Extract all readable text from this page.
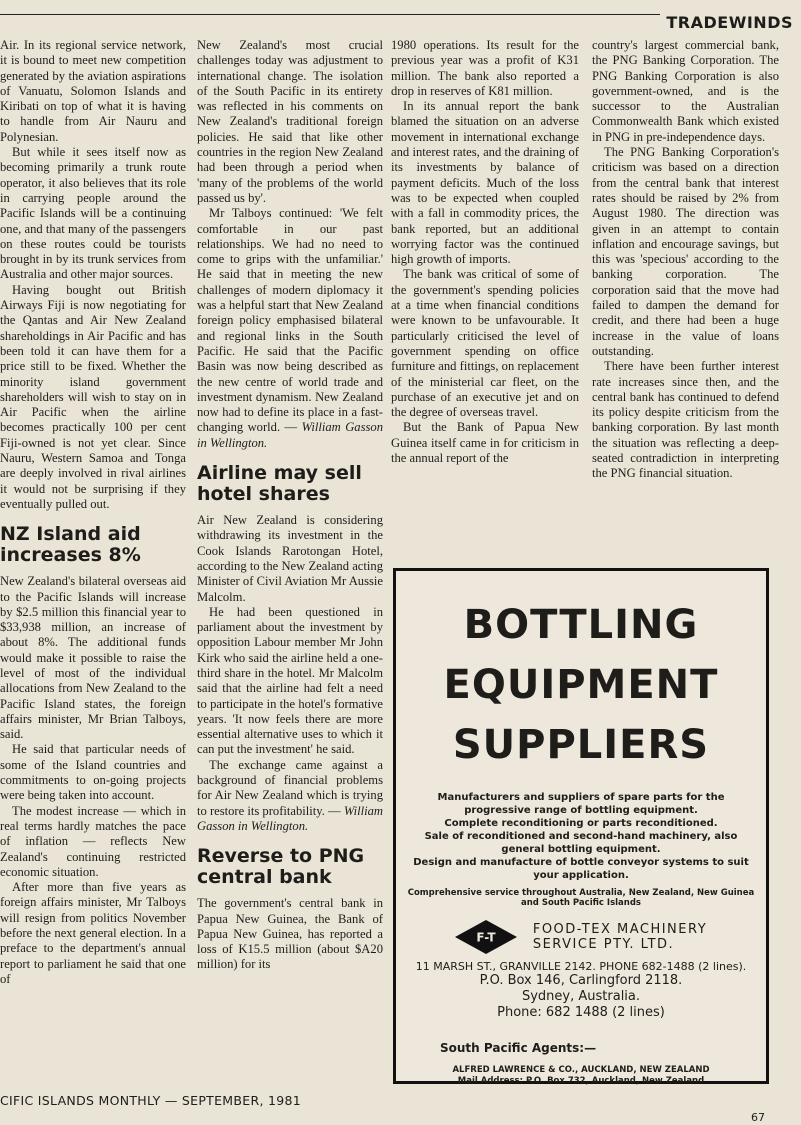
TRADEWINDS

Air. In its regional service network, it is bound to meet new competition generated by the aviation aspirations of Vanuatu, Solomon Islands and Kiribati on top of what it is having to handle from Air Nauru and Polynesian.

But while it sees itself now as becoming primarily a trunk route operator, it also believes that its role in carrying people around the Pacific Islands will be a continuing one, and that many of the passengers on these routes could be tourists brought in by its trunk services from Australia and other major sources.

Having bought out British Airways Fiji is now negotiating for the Qantas and Air New Zealand shareholdings in Air Pacific and has been told it can have them for a price still to be fixed. Whether the minority island government shareholders will wish to stay on in Air Pacific when the airline becomes practically 100 per cent Fiji-owned is not yet clear. Since Nauru, Western Samoa and Tonga are deeply involved in rival airlines it would not be surprising if they eventually pulled out.

NZ Island aid increases 8%

New Zealand's bilateral overseas aid to the Pacific Islands will increase by $2.5 million this financial year to $33,938 million, an increase of about 8%. The additional funds would make it possible to raise the level of most of the individual allocations from New Zealand to the Pacific Island states, the foreign affairs minister, Mr Brian Talboys, said.

He said that particular needs of some of the Island countries and commitments to on-going projects were being taken into account.

The modest increase — which in real terms hardly matches the pace of inflation — reflects New Zealand's continuing restricted economic situation.

After more than five years as foreign affairs minister, Mr Talboys will resign from politics November before the next general election. In a preface to the department's annual report to parliament he said that one of

New Zealand's most crucial challenges today was adjustment to international change. The isolation of the South Pacific in its entirety was reflected in his comments on New Zealand's traditional foreign policies. He said that like other countries in the region New Zealand had been through a period when 'many of the problems of the world passed us by'.

Mr Talboys continued: 'We felt comfortable in our past relationships. We had no need to come to grips with the unfamiliar.' He said that in meeting the new challenges of modern diplomacy it was a helpful start that New Zealand foreign policy emphasised bilateral and regional links in the South Pacific. He said that the Pacific Basin was now being described as the new centre of world trade and investment dynamism. New Zealand now had to define its place in a fast-changing world. — William Gasson in Wellington.

Airline may sell hotel shares

Air New Zealand is considering withdrawing its investment in the Cook Islands Rarotongan Hotel, according to the New Zealand acting Minister of Civil Aviation Mr Aussie Malcolm.

He had been questioned in parliament about the investment by opposition Labour member Mr John Kirk who said the airline held a one-third share in the hotel. Mr Malcolm said that the airline had felt a need to participate in the hotel's formative years. 'It now feels there are more essential alternative uses to which it can put the investment' he said.

The exchange came against a background of financial problems for Air New Zealand which is trying to restore its profitability. — William Gasson in Wellington.

Reverse to PNG central bank

The government's central bank in Papua New Guinea, the Bank of Papua New Guinea, has reported a loss of K15.5 million (about $A20 million) for its

1980 operations. Its result for the previous year was a profit of K31 million. The bank also reported a drop in reserves of K81 million.

In its annual report the bank blamed the situation on an adverse movement in international exchange and interest rates, and the draining of its investments by balance of payment deficits. Much of the loss was to be expected when coupled with a fall in commodity prices, the bank reported, but an additional worrying factor was the continued high growth of imports.

The bank was critical of some of the government's spending policies at a time when financial conditions were known to be unfavourable. It particularly criticised the level of government spending on office furniture and fittings, on replacement of the ministerial car fleet, on the purchase of an executive jet and on the degree of overseas travel.

But the Bank of Papua New Guinea itself came in for criticism in the annual report of the

country's largest commercial bank, the PNG Banking Corporation. The PNG Banking Corporation is also government-owned, and is the successor to the Australian Commonwealth Bank which existed in PNG in pre-independence days.

The PNG Banking Corporation's criticism was based on a direction from the central bank that interest rates should be raised by 2% from August 1980. The direction was given in an attempt to contain inflation and encourage savings, but this was 'specious' according to the banking corporation. The corporation said that the move had failed to dampen the demand for credit, and there had been a huge increase in the value of loans outstanding.

There have been further interest rate increases since then, and the central bank has continued to defend its policy despite criticism from the banking corporation. By last month the situation was reflecting a deep-seated contradiction in interpreting the PNG financial situation.

BOTTLING
EQUIPMENT
SUPPLIERS
Manufacturers and suppliers of spare parts for the progressive range of bottling equipment.
Complete reconditioning or parts reconditioned.
Sale of reconditioned and second-hand machinery, also general bottling equipment.
Design and manufacture of bottle conveyor systems to suit your application.
Comprehensive service throughout Australia, New Zealand, New Guinea and South Pacific Islands
F-T
FOOD-TEX MACHINERY
SERVICE PTY. LTD.
11 MARSH ST., GRANVILLE 2142. PHONE 682-1488 (2 lines).
P.O. Box 146, Carlingford 2118.
Sydney, Australia.
Phone: 682 1488 (2 lines)
South Pacific Agents:—
ALFRED LAWRENCE & CO., AUCKLAND, NEW ZEALAND
Mail Address: P.O. Box 732, Auckland, New Zealand
CIFIC ISLANDS MONTHLY — SEPTEMBER, 1981
67
